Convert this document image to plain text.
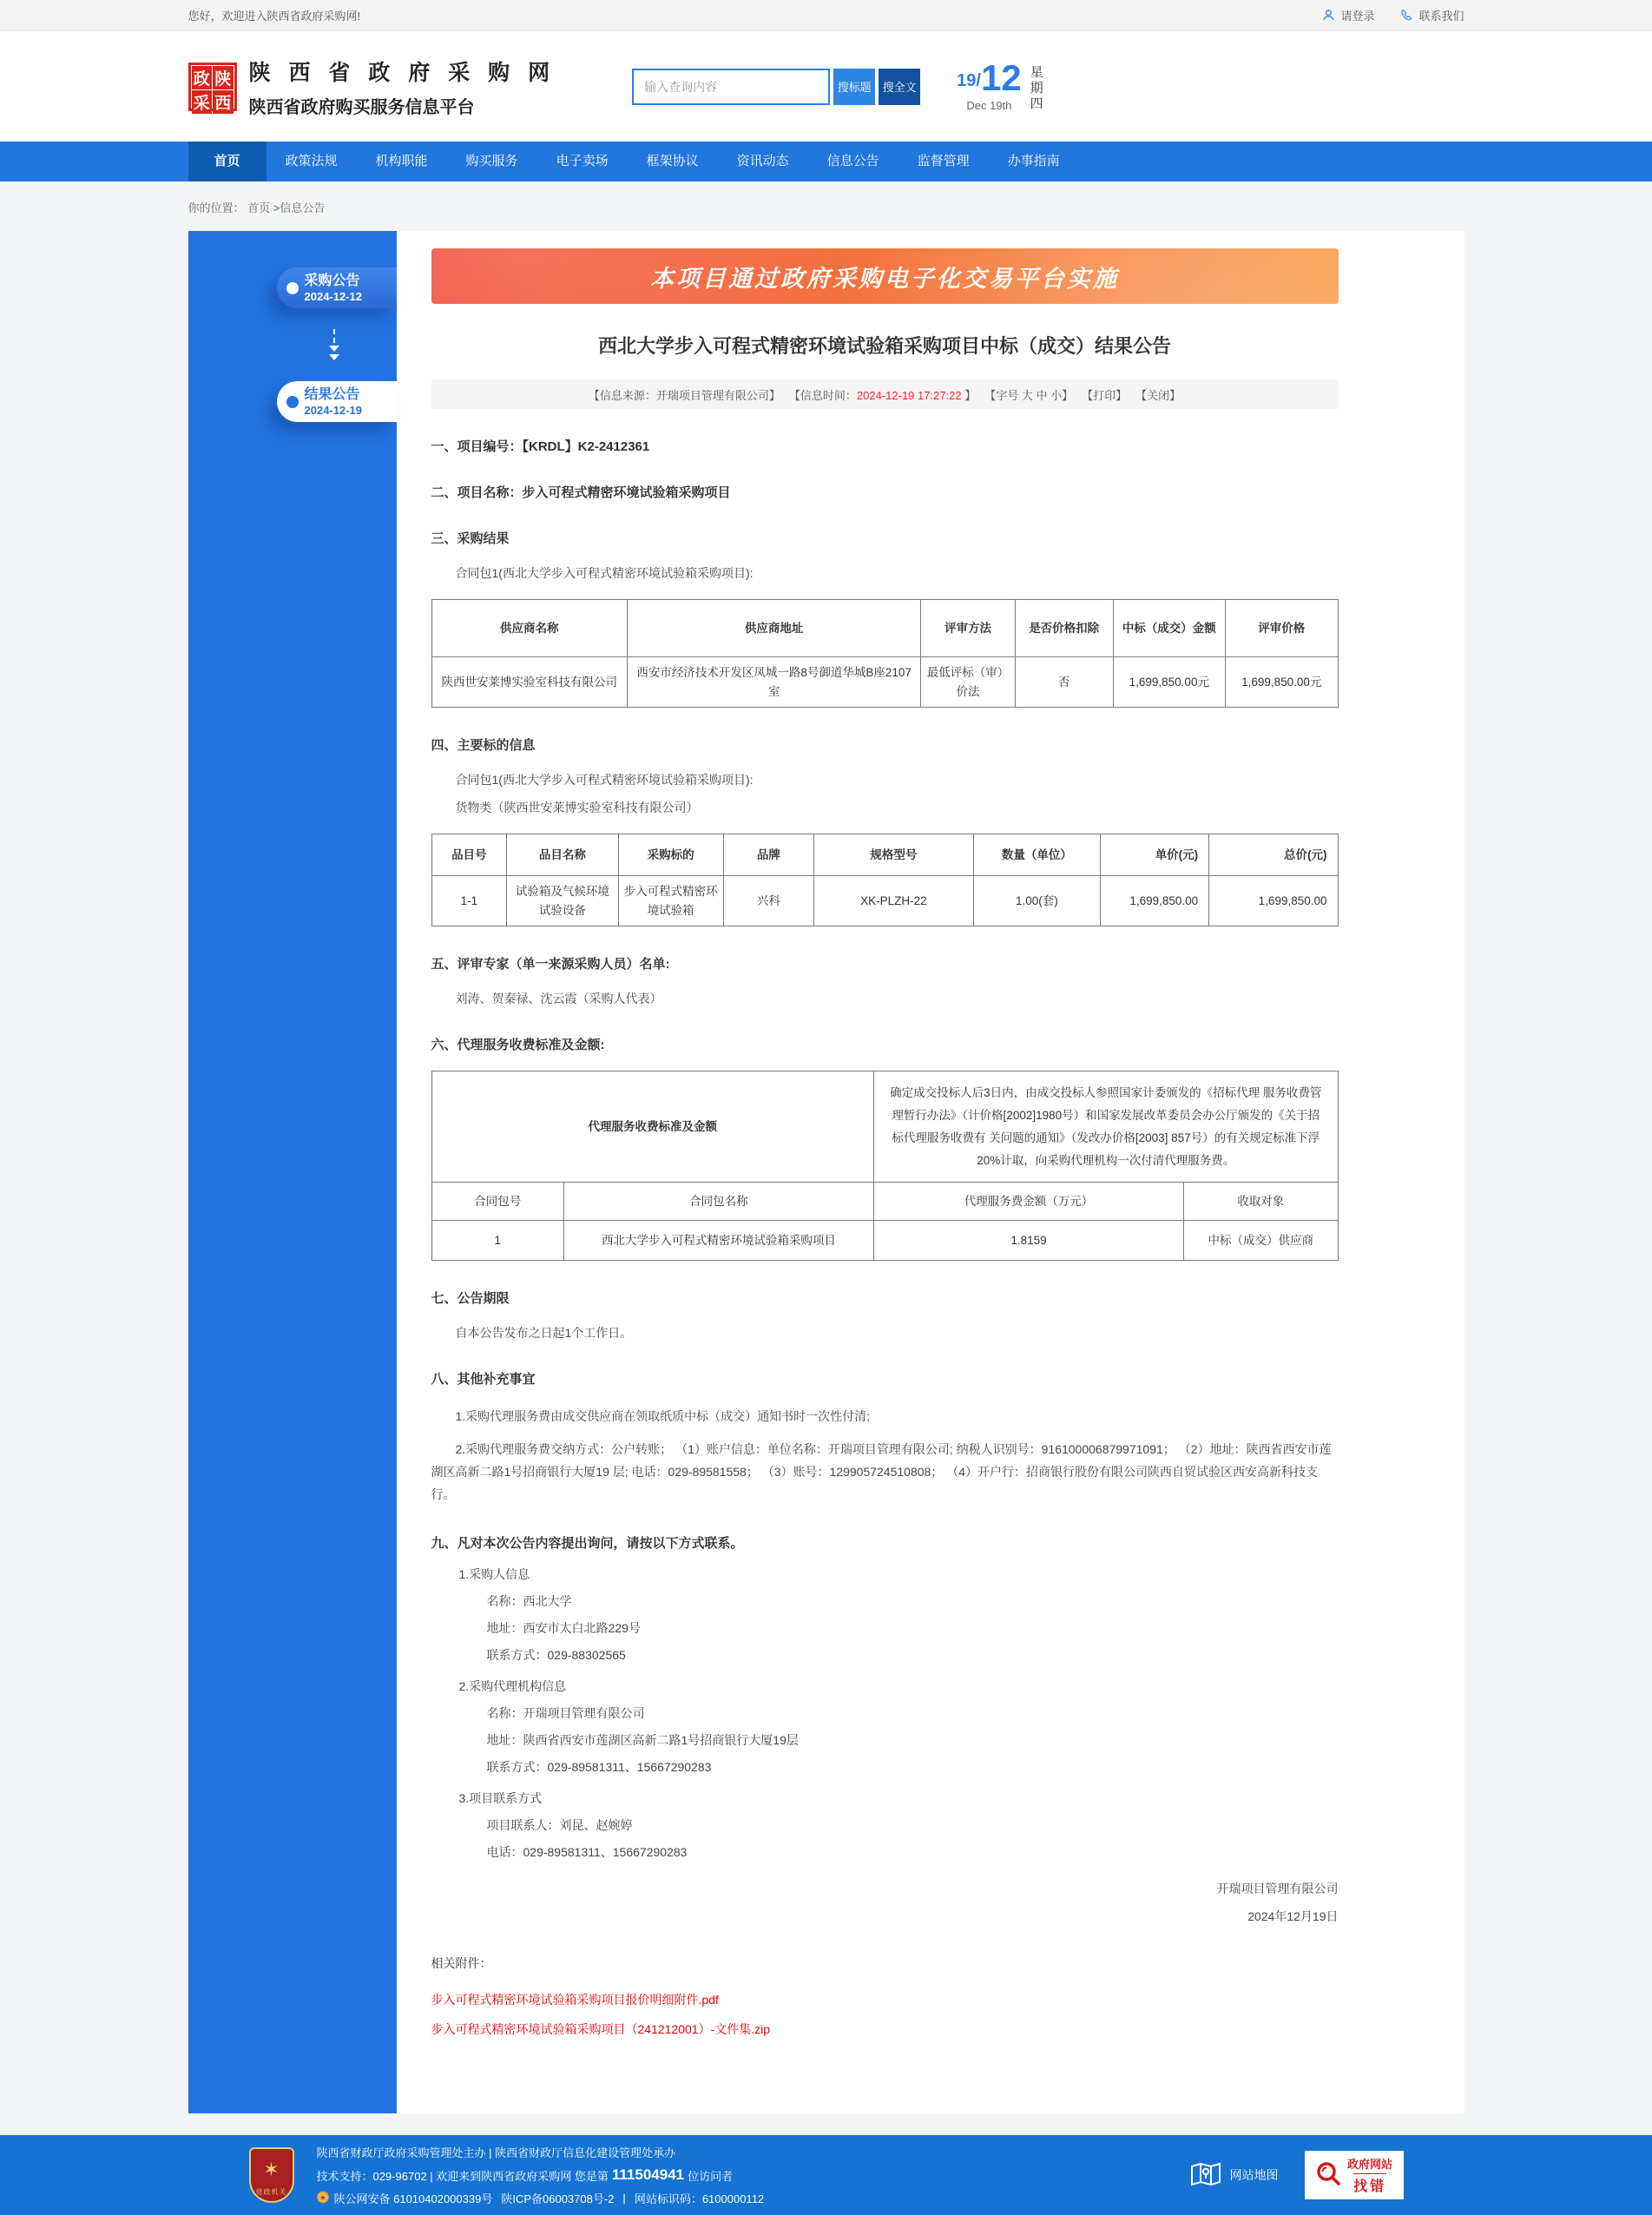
您好，欢迎进入陕西省政府采购网!	请登录	联系我们
政 陕
采 西
陕 西 省 政 府 采 购 网
陕西省政府购买服务信息平台
输入查询内容
搜标题 搜全文 19/ 12
Dec 19th
星
期
四
首页	政策法规	机构职能	购买服务	电子卖场	框架协议	资讯动态	信息公告	监督管理	办事指南
你的位置： 首页 >信息公告
采购公告
2024-12-12
结果公告
2024-12-19
本项目通过政府采购电子化交易平台实施
西北大学步入可程式精密环境试验箱采购项目中标（成交）结果公告
【信息来源：开瑞项目管理有限公司】 【信息时间：2024-12-19 17:27:22 】 【字号 大 中 小】 【打印】 【关闭】
一、项目编号：【KRDL】K2-2412361
二、项目名称：步入可程式精密环境试验箱采购项目
三、采购结果

合同包1(西北大学步入可程式精密环境试验箱采购项目):

供应商名称	供应商地址	评审方法	是否价格扣除	中标（成交）金额	评审价格
陕西世安莱博实验室科技有限公司	西安市经济技术开发区凤城一路8号御道华城B座2107室	最低评标（审）价法	否	1,699,850.00元	1,699,850.00元
四、主要标的信息

合同包1(西北大学步入可程式精密环境试验箱采购项目):

货物类（陕西世安莱博实验室科技有限公司）

品目号	品目名称	采购标的	品牌	规格型号	数量（单位）	单价(元)	总价(元)
1-1	试验箱及气候环境试验设备	步入可程式精密环境试验箱	兴科	XK-PLZH-22	1.00(套)	1,699,850.00	1,699,850.00
五、评审专家（单一来源采购人员）名单:

刘涛、贺秦禄、沈云霞（采购人代表）

六、代理服务收费标准及金额:
代理服务收费标准及金额		确定成交投标人后3日内，由成交投标人参照国家计委颁发的《招标代理 服务收费管理暂行办法》（计价格[2002]1980号）和国家发展改革委员会办公厅颁发的《关于招标代理服务收费有 关问题的通知》（发改办价格[2003] 857号）的有关规定标准下浮20%计取，向采购代理机构一次付清代理服务费。	
合同包号	合同包名称	代理服务费金额（万元）	收取对象
1	西北大学步入可程式精密环境试验箱采购项目	1.8159	中标（成交）供应商
七、公告期限

自本公告发布之日起1个工作日。

八、其他补充事宜

1.采购代理服务费由成交供应商在领取纸质中标（成交）通知书时一次性付清;

2.采购代理服务费交纳方式：公户转账； （1）账户信息：单位名称：开瑞项目管理有限公司; 纳税人识别号：916100006879971091； （2）地址：陕西省西安市莲湖区高新二路1号招商银行大厦19 层; 电话：029-89581558； （3）账号：129905724510808； （4）开户行：招商银行股份有限公司陕西自贸试验区西安高新科技支行。

九、凡对本次公告内容提出询问，请按以下方式联系。
1.采购人信息
名称：西北大学
地址：西安市太白北路229号
联系方式：029-88302565
2.采购代理机构信息
名称：开瑞项目管理有限公司
地址：陕西省西安市莲湖区高新二路1号招商银行大厦19层
联系方式：029-89581311、15667290283
3.项目联系方式
项目联系人：刘昆、赵婉婷
电话：029-89581311、15667290283
开瑞项目管理有限公司
2024年12月19日
相关附件：
步入可程式精密环境试验箱采购项目报价明细附件.pdf
步入可程式精密环境试验箱采购项目（241212001）-文件集.zip
✶
党政机关
陕西省财政厅政府采购管理处主办 | 陕西省财政厅信息化建设管理处承办
技术支持：029-96702 | 欢迎来到陕西省政府采购网 您是第 111504941 位访问者
★ 陕公网安备 61010402000339号 陕ICP备06003708号-2 | 网站标识码：6100000112
网站地图
政府网站
找错
